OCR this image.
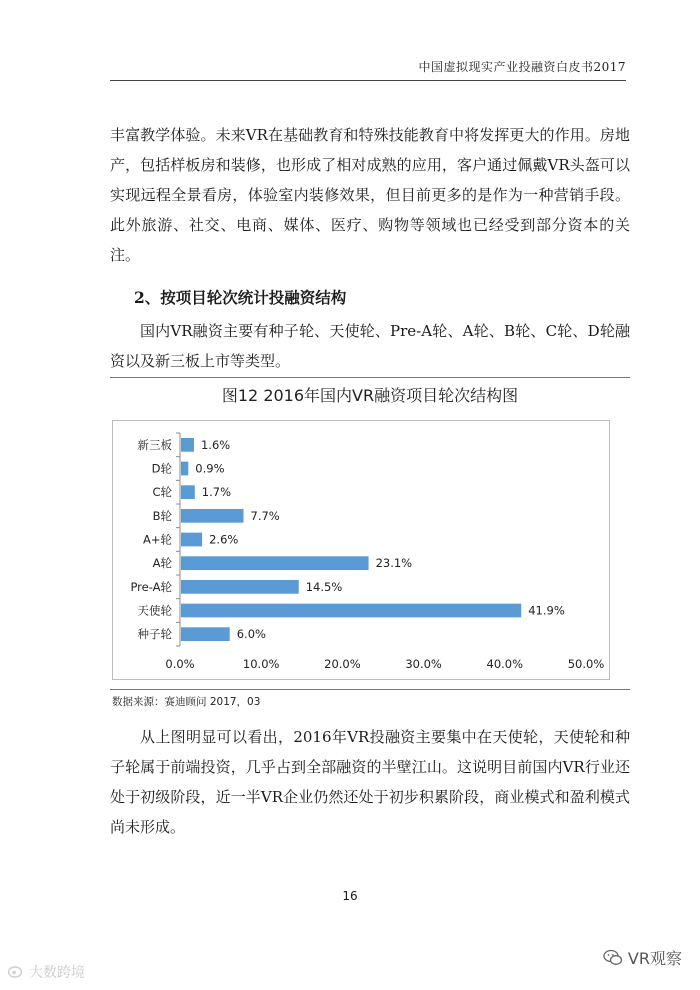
中国虚拟现实产业投融资白皮书2017

丰富教学体验。未来VR在基础教育和特殊技能教育中将发挥更大的作用。房地产，包括样板房和装修，也形成了相对成熟的应用，客户通过佩戴VR头盔可以实现远程全景看房，体验室内装修效果，但目前更多的是作为一种营销手段。此外旅游、社交、电商、媒体、医疗、购物等领域也已经受到部分资本的关注。

2、按项目轮次统计投融资结构

国内VR融资主要有种子轮、天使轮、Pre-A轮、A轮、B轮、C轮、D轮融资以及新三板上市等类型。

图12 2016年国内VR融资项目轮次结构图
新三板	1.6%
D轮 0.9%
C轮	1.7%
B轮	7.7%
A+轮	2.6%
A轮	23.1%
Pre-A轮	14.5%
天使轮	41.9%
种子轮	6.0%
0.0%	10.0%	20.0%	30.0%	40.0%	50.0%
数据来源：赛迪顾问 2017，03

从上图明显可以看出，2016年VR投融资主要集中在天使轮，天使轮和种子轮属于前端投资，几乎占到全部融资的半壁江山。这说明目前国内VR行业还处于初级阶段，近一半VR企业仍然还处于初步积累阶段，商业模式和盈利模式尚未形成。

16
大数跨境
VR观察
